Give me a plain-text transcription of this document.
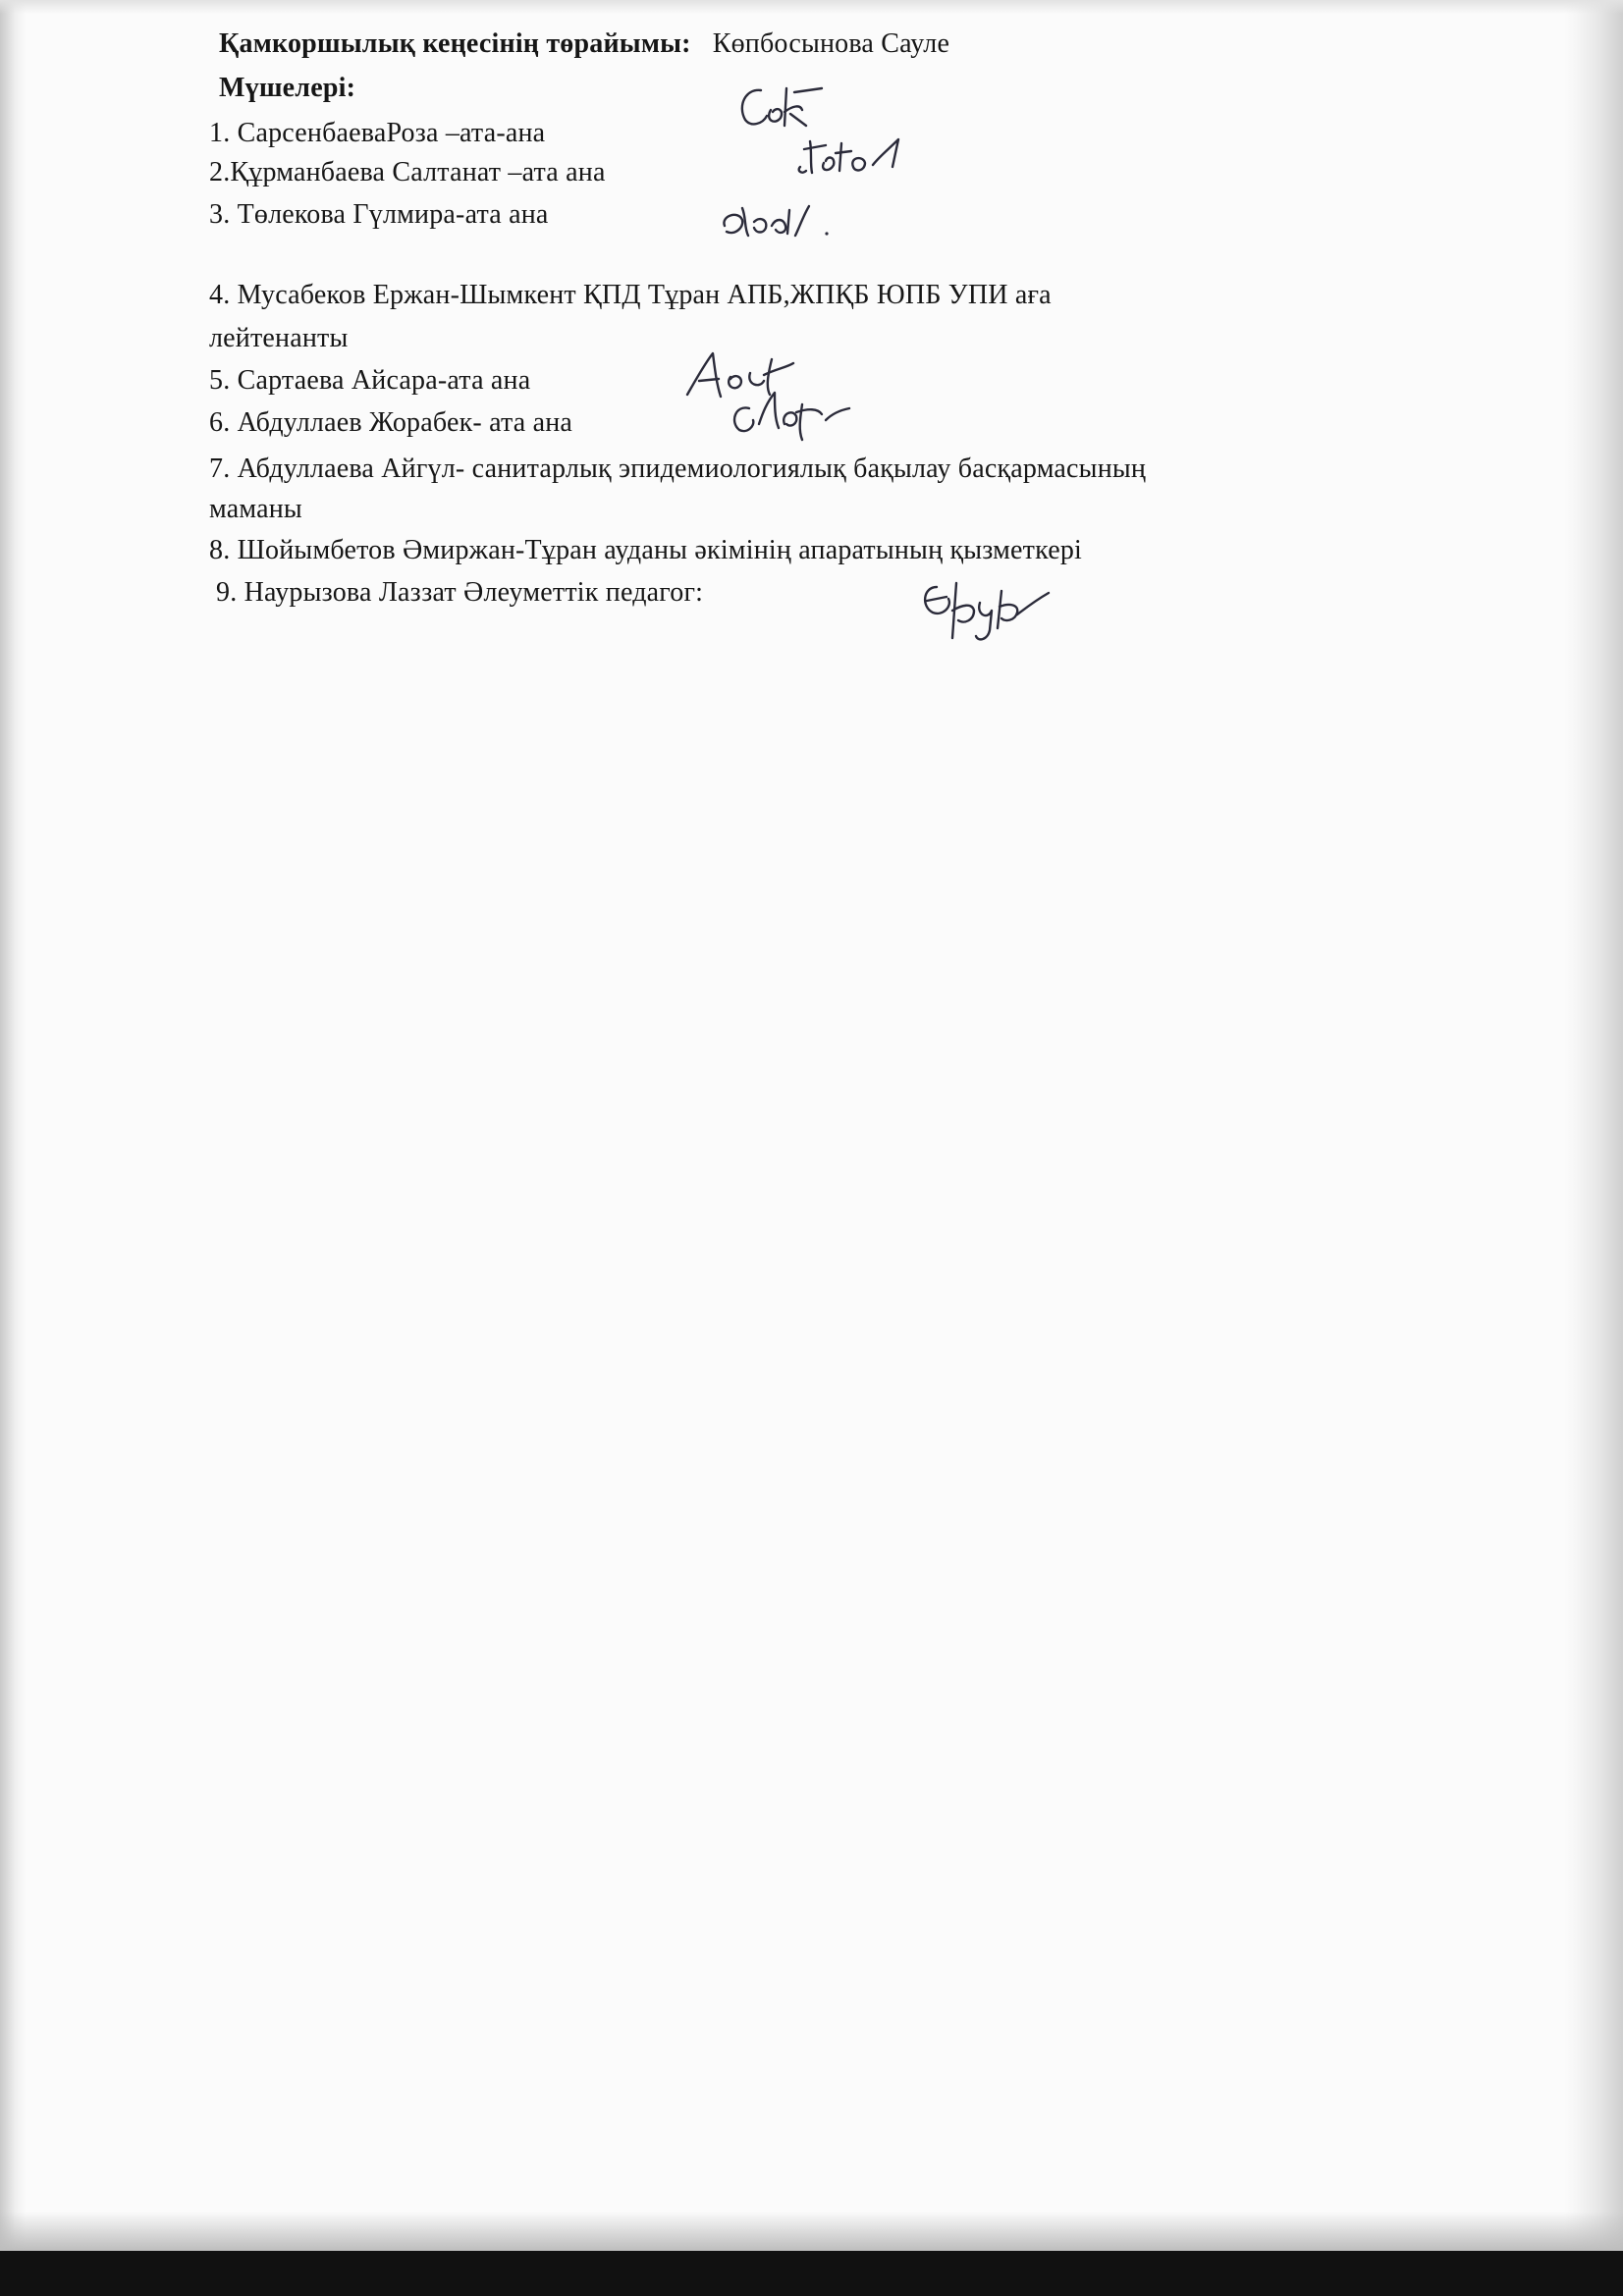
Қамкоршылық кеңесінің төрайымы: Көпбосынова Сауле
Мүшелері:
1. СарсенбаеваРоза –ата-ана
2.Құрманбаева Салтанат –ата ана
3. Төлекова Гүлмира-ата ана
4. Мусабеков Ержан-Шымкент ҚПД Тұран АПБ,ЖПҚБ ЮПБ УПИ аға
лейтенанты
5. Сартаева Айсара-ата ана
6. Абдуллаев Жорабек- ата ана
7. Абдуллаева Айгүл- санитарлық эпидемиологиялық бақылау басқармасының
маманы
8. Шойымбетов Әмиржан-Тұран ауданы әкімінің апаратының қызметкері
9. Наурызова Лаззат Әлеуметтік педагог:
